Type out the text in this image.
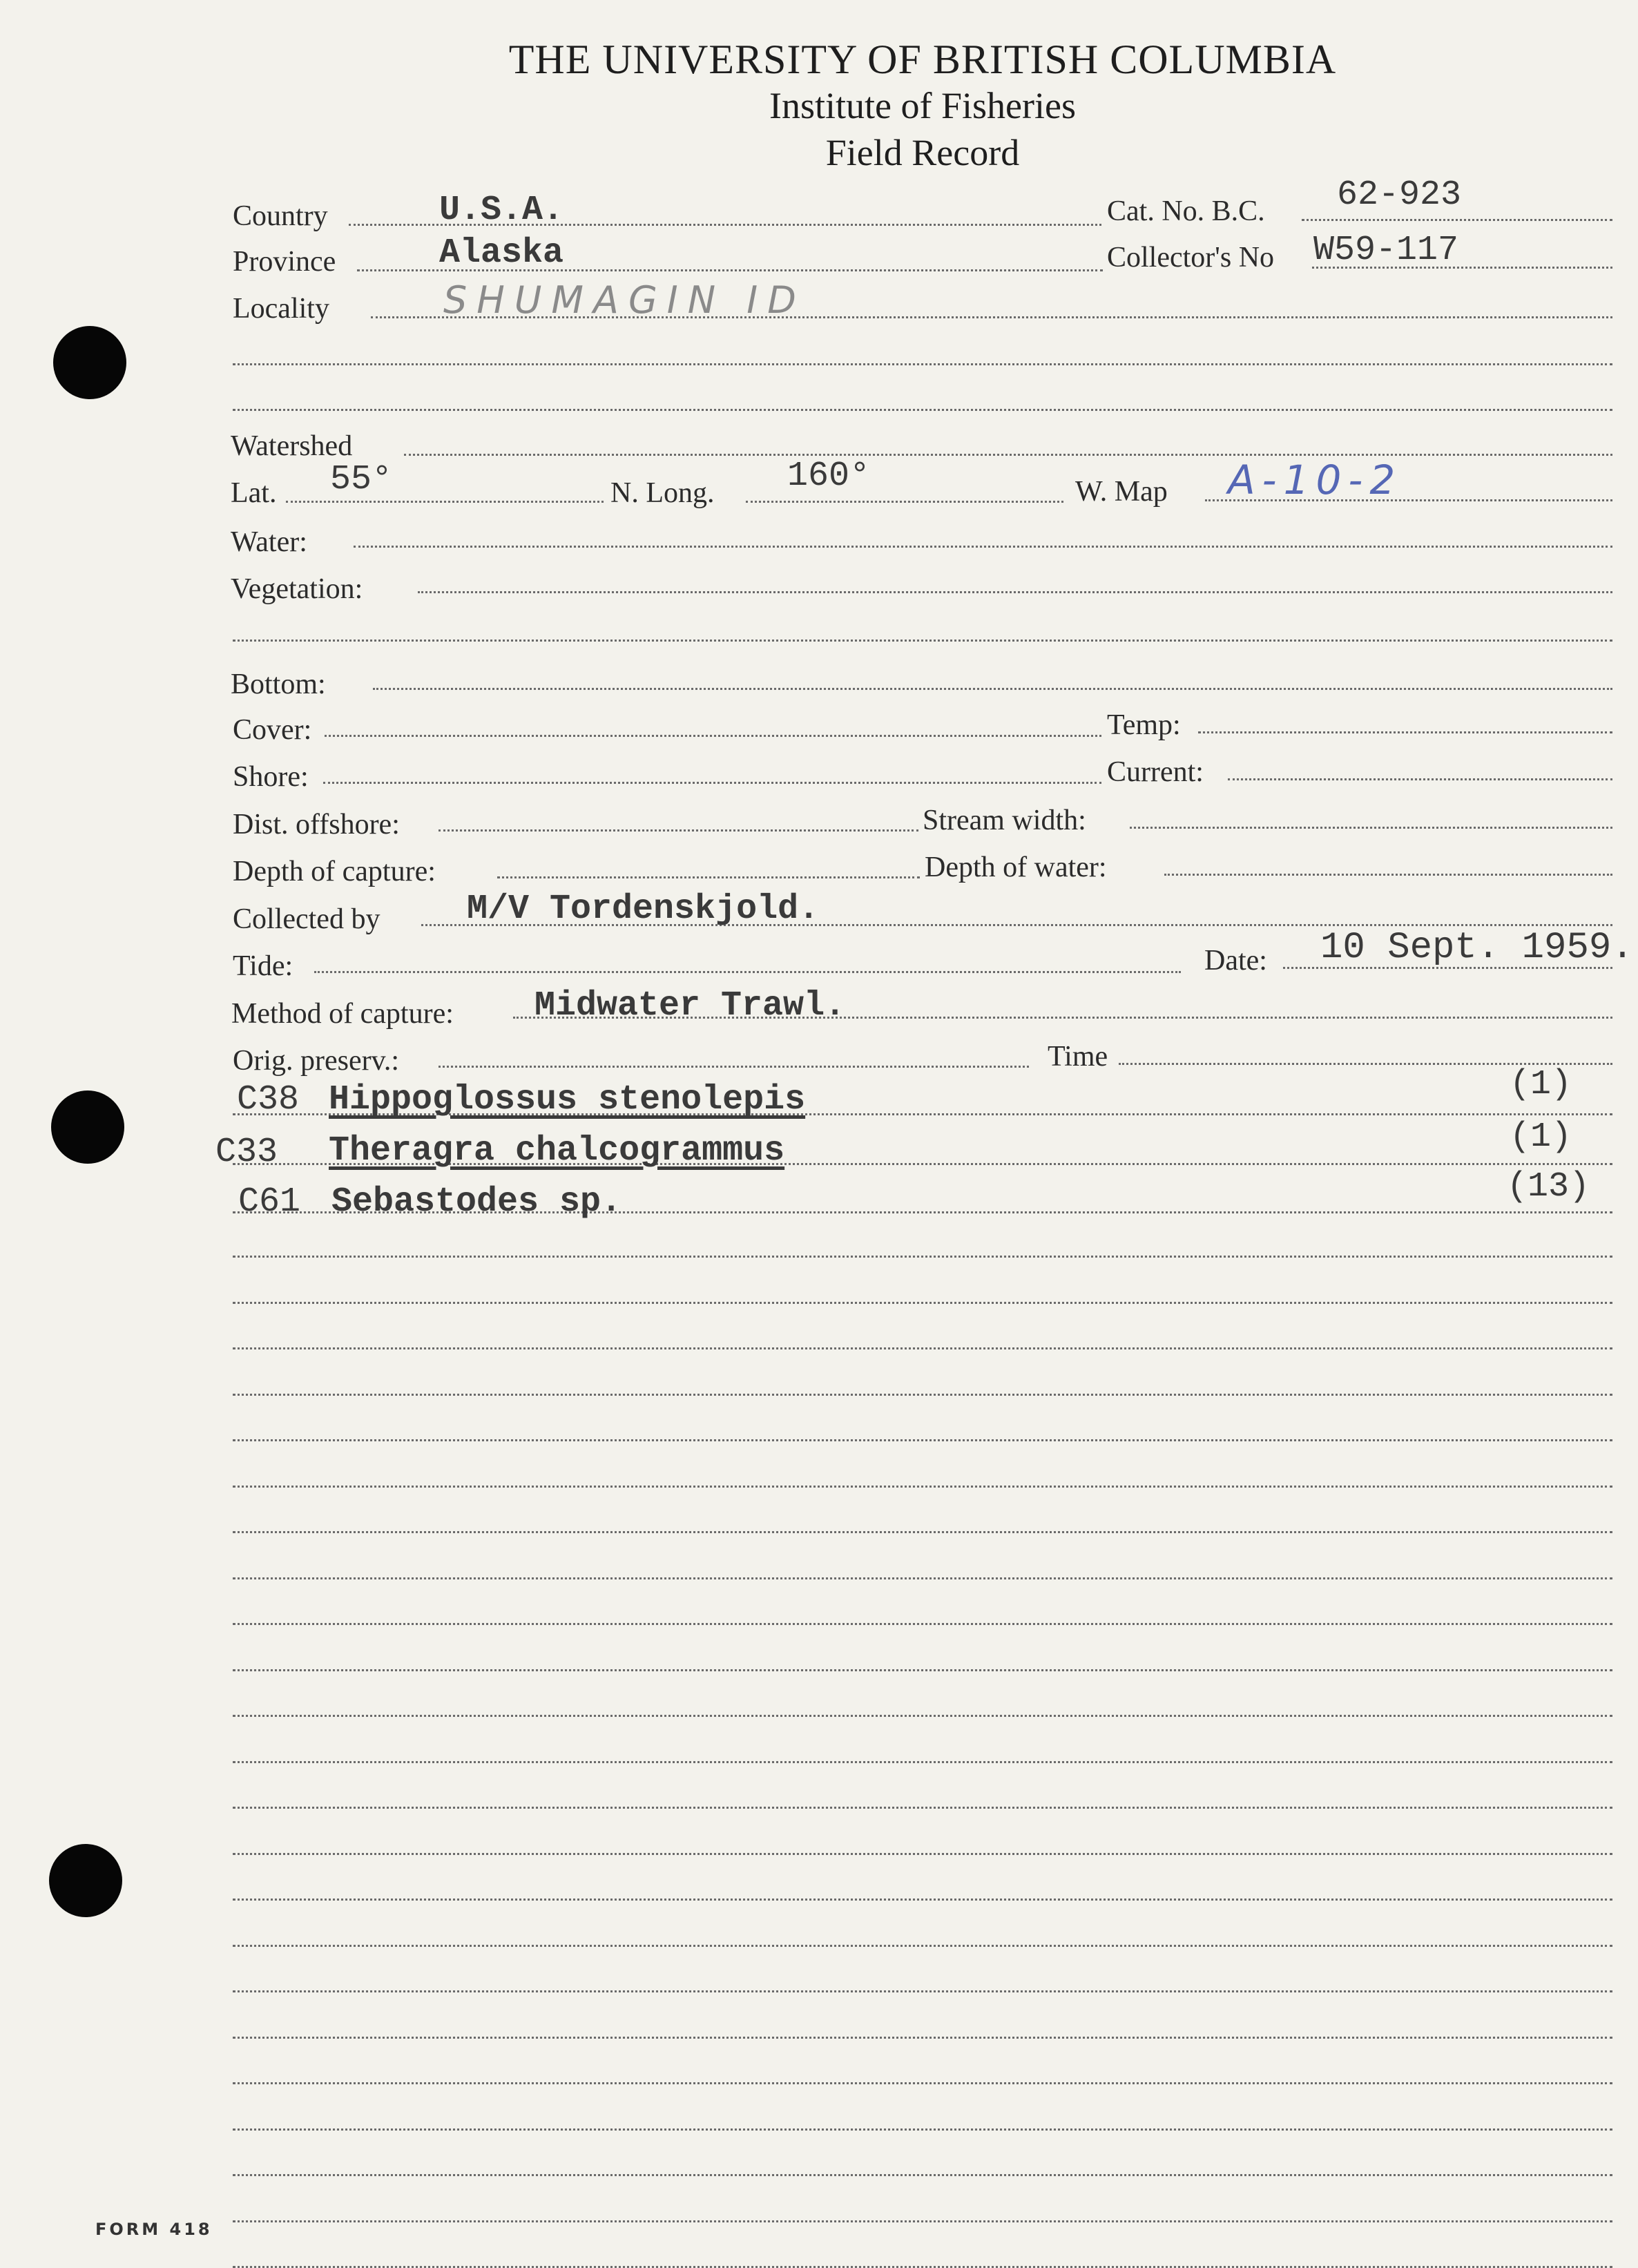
THE UNIVERSITY OF BRITISH COLUMBIA
Institute of Fisheries
Field Record
Country	U.S.A.	Cat. No. B.C. 62-923
Province	Alaska	Collector's No W59-117
Locality	SHUMAGIN ID
Watershed
Lat. 55°	N. Long. 160°	W. Map A-10-2
Water:
Vegetation:
Bottom:
Cover:	Temp:
Shore:	Current:
Dist. offshore:	Stream width:
Depth of capture:	Depth of water:
Collected by	M/V Tordenskjold.
Tide:	Date: 10 Sept. 1959.
Method of capture: Midwater Trawl.
Orig. preserv.:	Time
C38 Hippoglossus stenolepis	(1)
C33 Theragra chalcogrammus	(1)
C61 Sebastodes sp.	(13)
FORM 418
